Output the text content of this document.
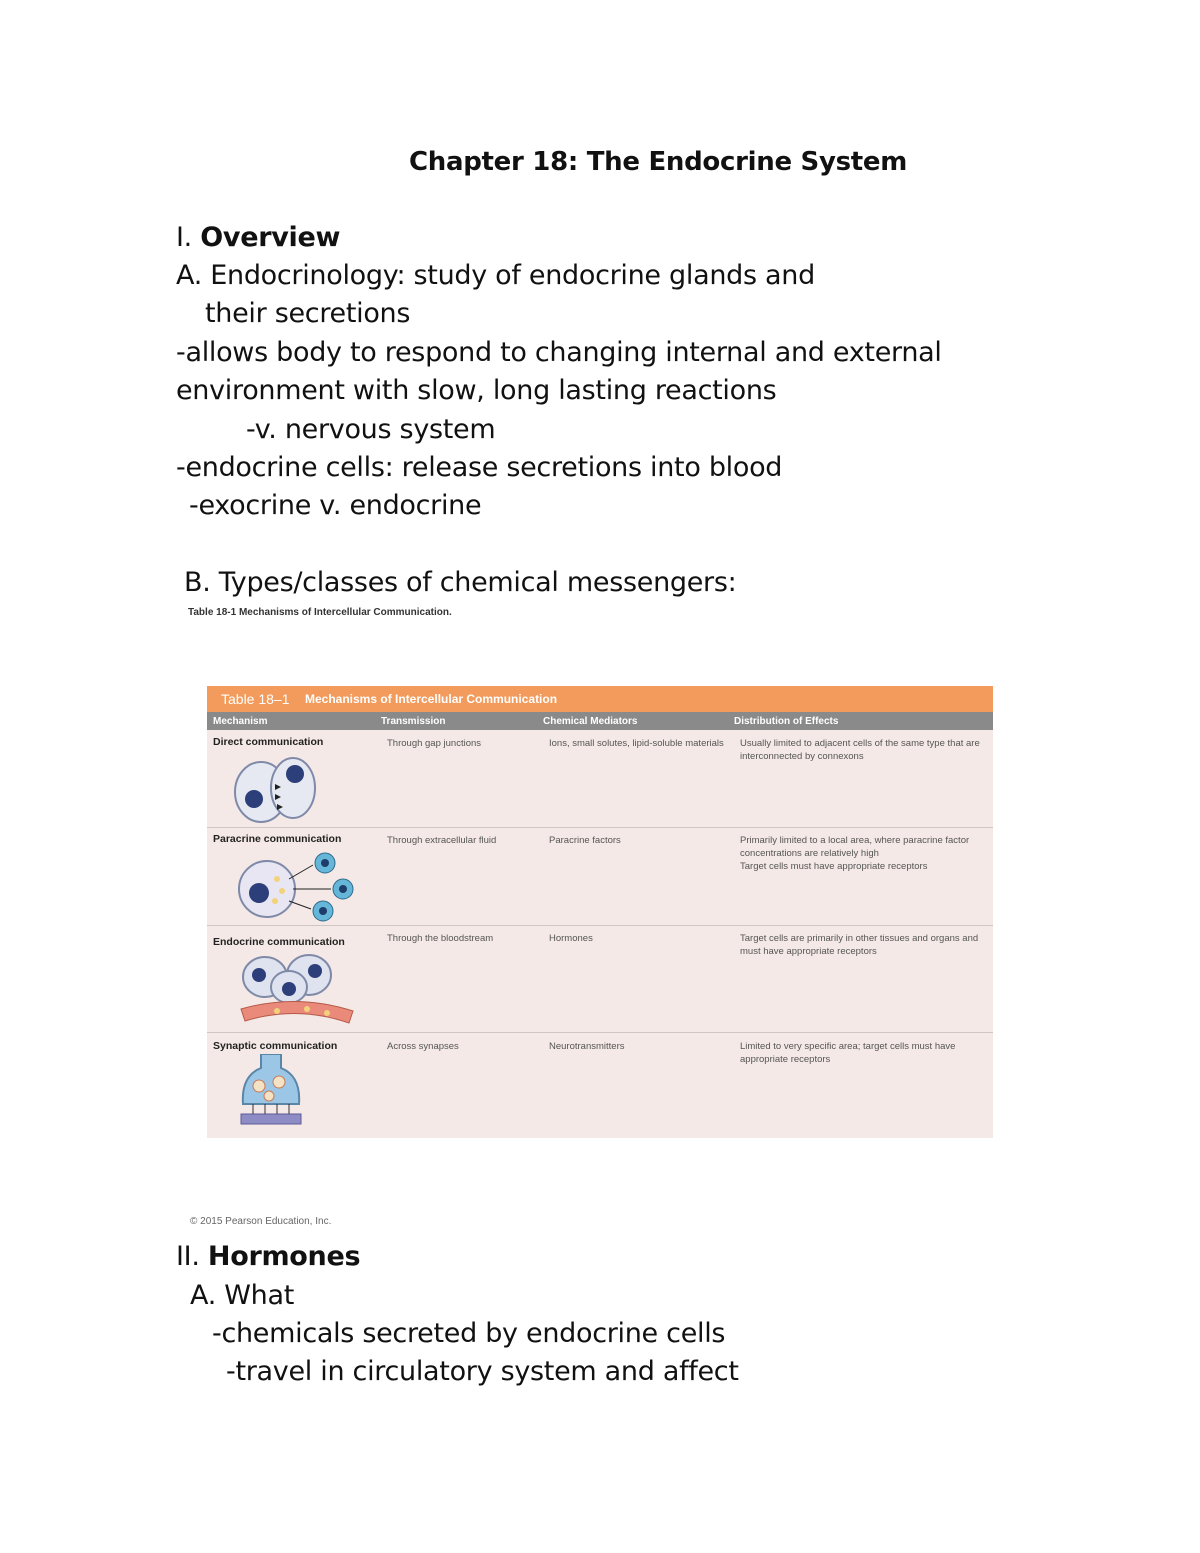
Chapter 18: The Endocrine System
I. Overview
A. Endocrinology: study of endocrine glands and
their secretions
-allows body to respond to changing internal and external
environment with slow, long lasting reactions
-v. nervous system
-endocrine cells: release secretions into blood
-exocrine v. endocrine
B. Types/classes of chemical messengers:
Table 18-1 Mechanisms of Intercellular Communication.
Table 18–1	Mechanisms of Intercellular Communication
Mechanism	Transmission	Chemical Mediators	Distribution of Effects
Direct communication	Through gap junctions	Ions, small solutes, lipid-soluble materials	Usually limited to adjacent cells of the same type that are interconnected by connexons
Paracrine communication	Through extracellular fluid	Paracrine factors	Primarily limited to a local area, where paracrine factor concentrations are relatively high
Target cells must have appropriate receptors
Endocrine communication	Through the bloodstream	Hormones	Target cells are primarily in other tissues and organs and must have appropriate receptors
Synaptic communication	Across synapses	Neurotransmitters	Limited to very specific area; target cells must have appropriate receptors
© 2015 Pearson Education, Inc.
II. Hormones
A. What
-chemicals secreted by endocrine cells
-travel in circulatory system and affect
